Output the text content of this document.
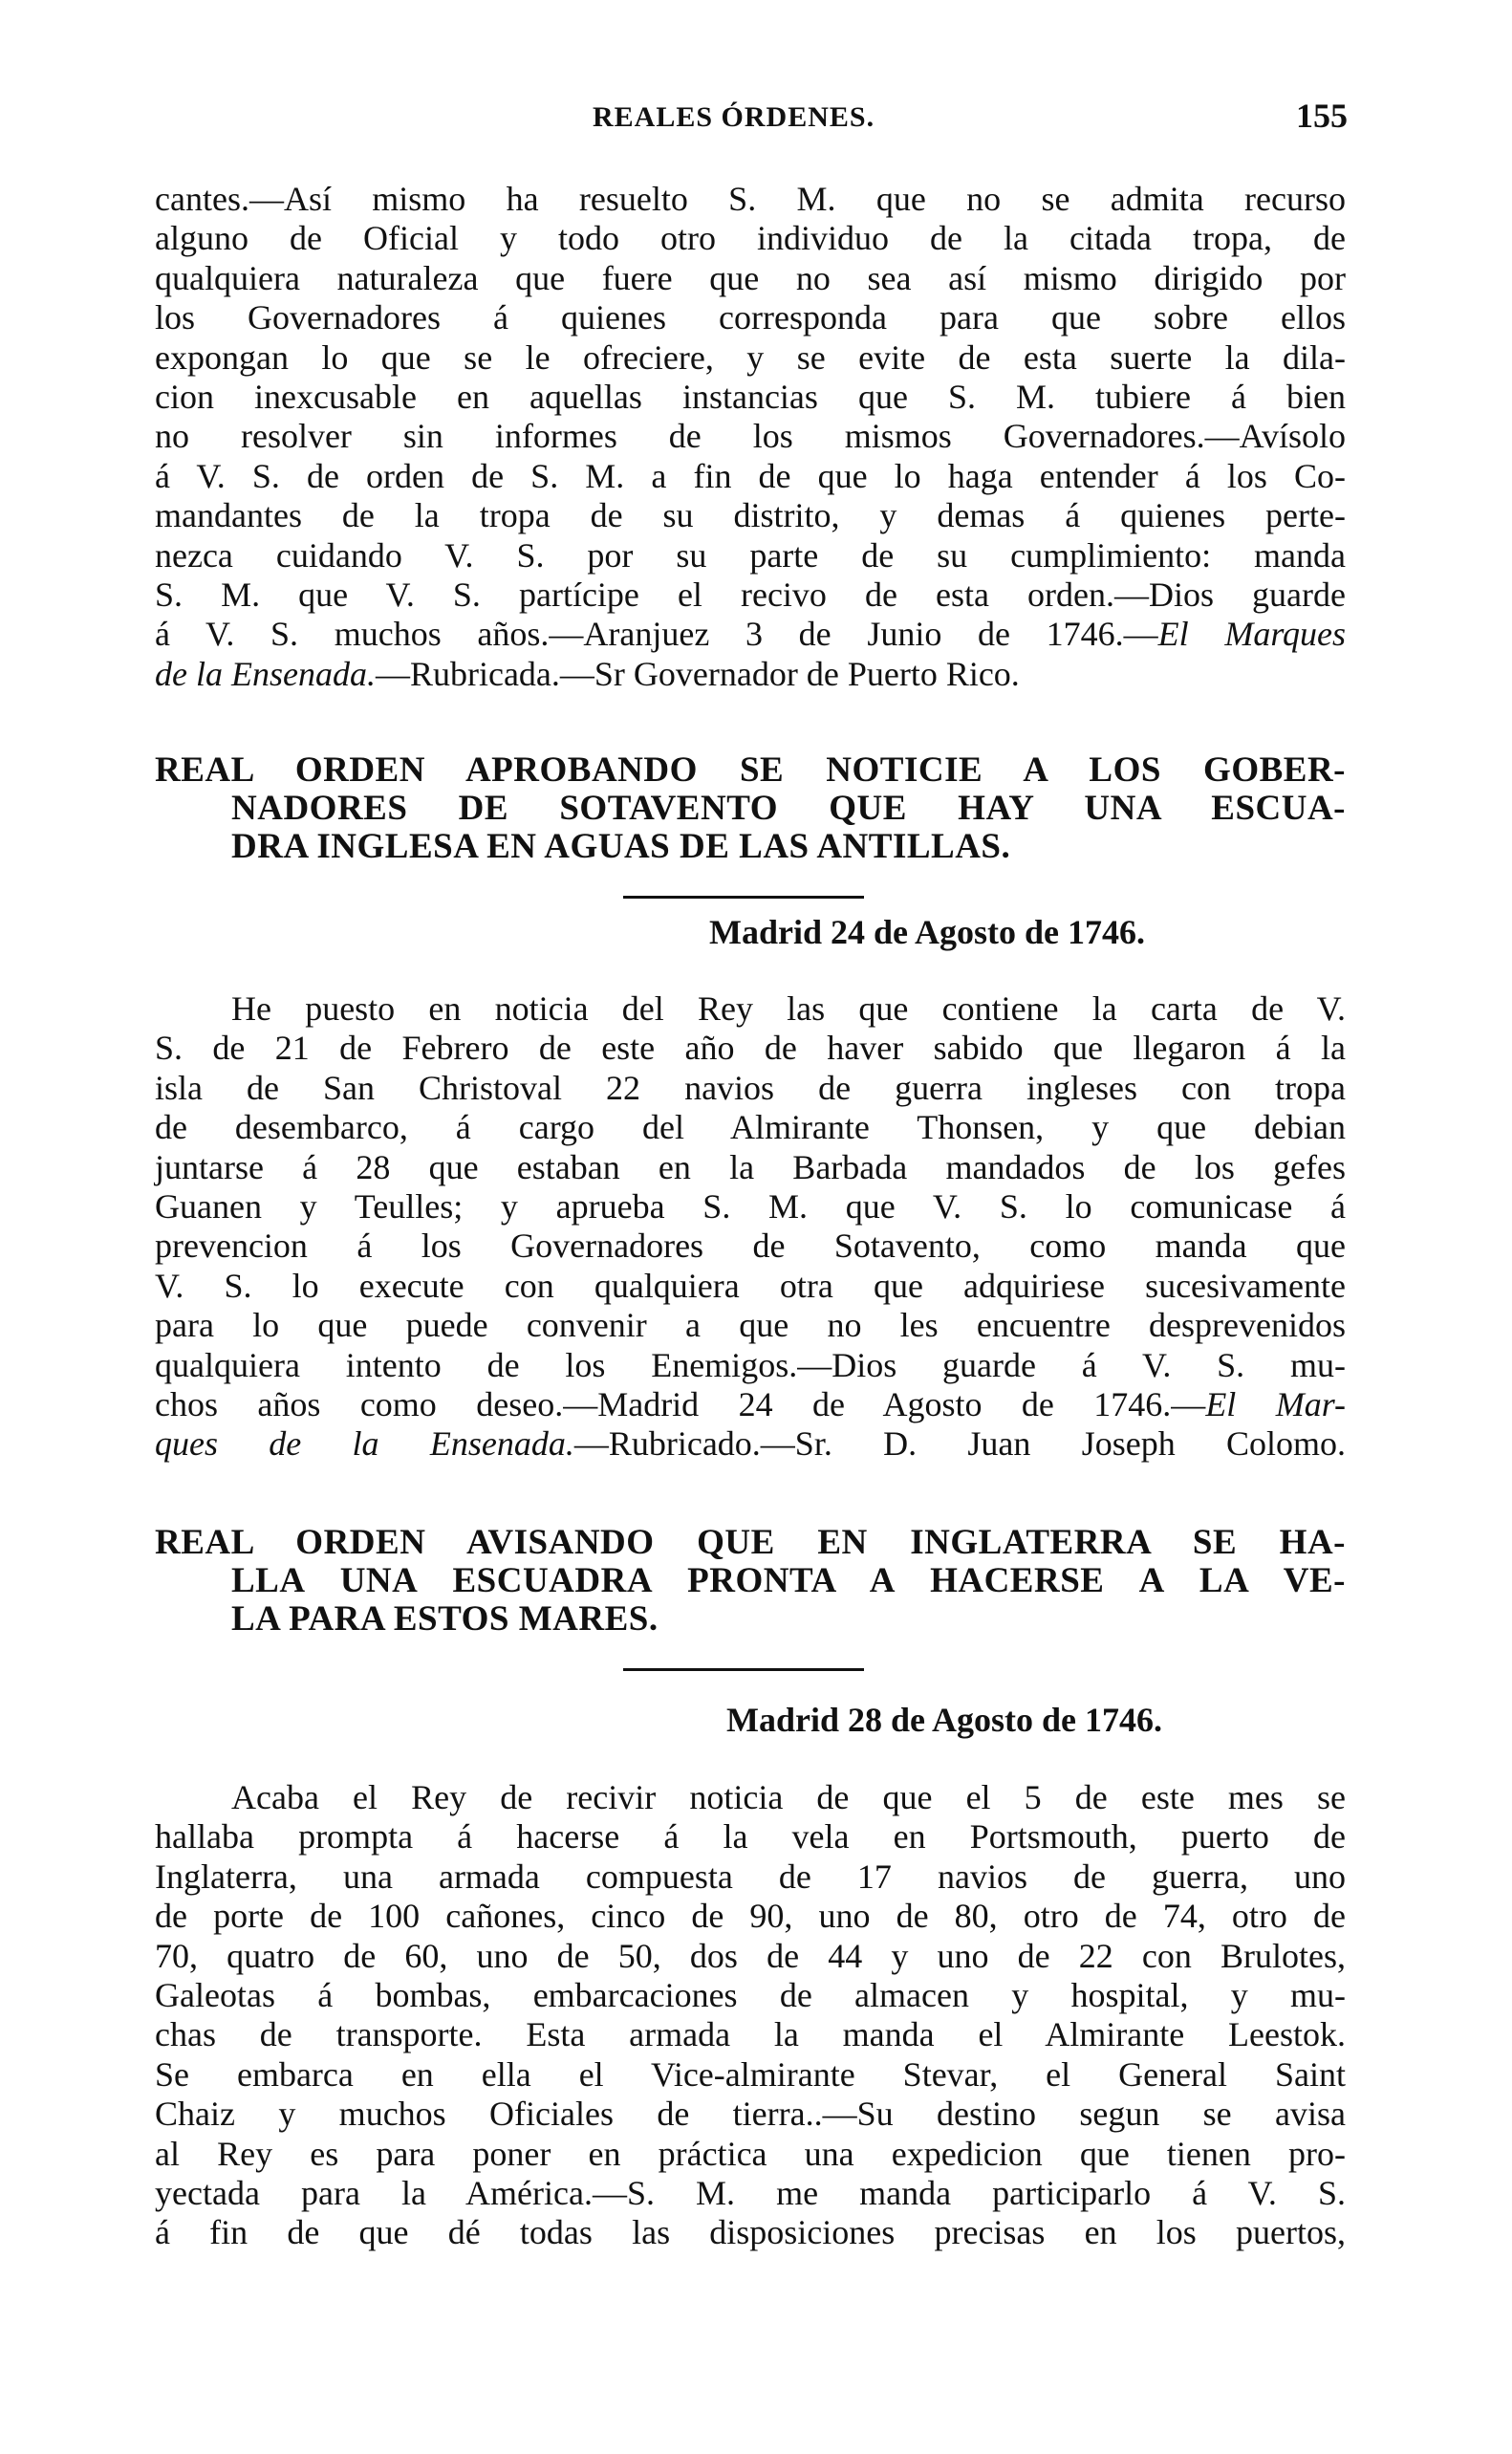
REALES ÓRDENES.	155
cantes.—Así mismo ha resuelto S. M. que no se admita recurso
alguno de Oficial y todo otro individuo de la citada tropa, de
qualquiera naturaleza que fuere que no sea así mismo dirigido por
los Governadores á quienes corresponda para que sobre ellos
expongan lo que se le ofreciere, y se evite de esta suerte la dila-
cion inexcusable en aquellas instancias que S. M. tubiere á bien
no resolver sin informes de los mismos Governadores.—Avísolo
á V. S. de orden de S. M. a fin de que lo haga entender á los Co-
mandantes de la tropa de su distrito, y demas á quienes perte-
nezca cuidando V. S. por su parte de su cumplimiento: manda
S. M. que V. S. partícipe el recivo de esta orden.—Dios guarde
á V. S. muchos años.—Aranjuez 3 de Junio de 1746.—El Marques
de la Ensenada.—Rubricada.—Sr Governador de Puerto Rico.
REAL ORDEN APROBANDO SE NOTICIE A LOS GOBER-
NADORES DE SOTAVENTO QUE HAY UNA ESCUA-
DRA INGLESA EN AGUAS DE LAS ANTILLAS.
Madrid 24 de Agosto de 1746.
He puesto en noticia del Rey las que contiene la carta de V.
S. de 21 de Febrero de este año de haver sabido que llegaron á la
isla de San Christoval 22 navios de guerra ingleses con tropa
de desembarco, á cargo del Almirante Thonsen, y que debian
juntarse á 28 que estaban en la Barbada mandados de los gefes
Guanen y Teulles; y aprueba S. M. que V. S. lo comunicase á
prevencion á los Governadores de Sotavento, como manda que
V. S. lo execute con qualquiera otra que adquiriese sucesivamente
para lo que puede convenir a que no les encuentre desprevenidos
qualquiera intento de los Enemigos.—Dios guarde á V. S. mu-
chos años como deseo.—Madrid 24 de Agosto de 1746.—El Mar-
ques de la Ensenada.—Rubricado.—Sr. D. Juan Joseph Colomo.
REAL ORDEN AVISANDO QUE EN INGLATERRA SE HA-
LLA UNA ESCUADRA PRONTA A HACERSE A LA VE-
LA PARA ESTOS MARES.
Madrid 28 de Agosto de 1746.
Acaba el Rey de recivir noticia de que el 5 de este mes se
hallaba prompta á hacerse á la vela en Portsmouth, puerto de
Inglaterra, una armada compuesta de 17 navios de guerra, uno
de porte de 100 cañones, cinco de 90, uno de 80, otro de 74, otro de
70, quatro de 60, uno de 50, dos de 44 y uno de 22 con Brulotes,
Galeotas á bombas, embarcaciones de almacen y hospital, y mu-
chas de transporte. Esta armada la manda el Almirante Leestok.
Se embarca en ella el Vice-almirante Stevar, el General Saint
Chaiz y muchos Oficiales de tierra..—Su destino segun se avisa
al Rey es para poner en práctica una expedicion que tienen pro-
yectada para la América.—S. M. me manda participarlo á V. S.
á fin de que dé todas las disposiciones precisas en los puertos,
